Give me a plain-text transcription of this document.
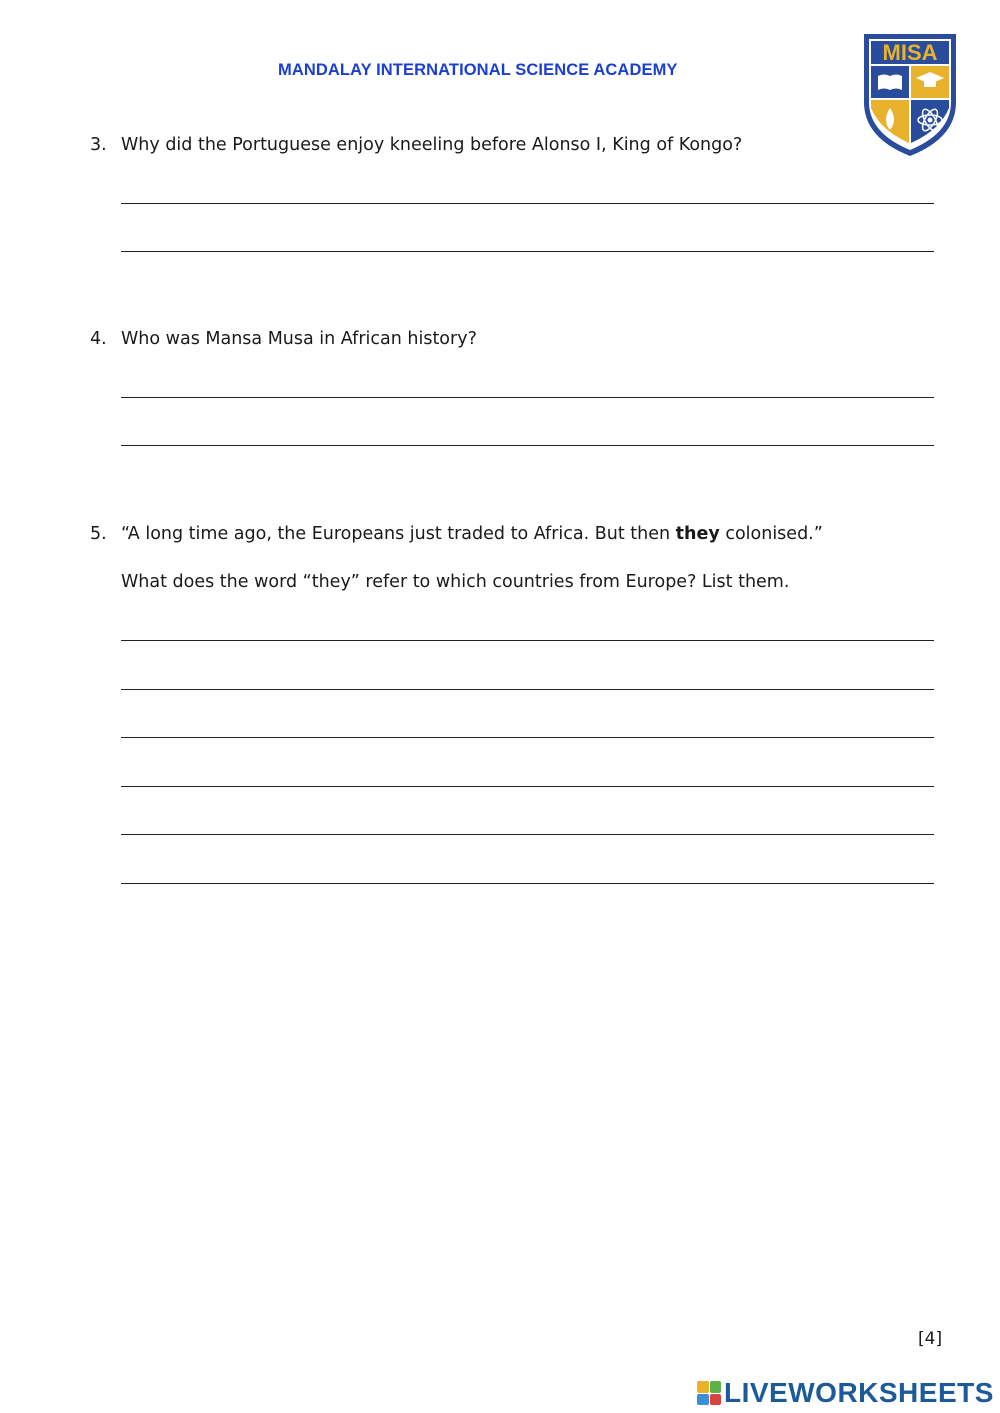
MANDALAY INTERNATIONAL SCIENCE ACADEMY
MISA
3. Why did the Portuguese enjoy kneeling before Alonso I, King of Kongo?
4. Who was Mansa Musa in African history?
5. “A long time ago, the Europeans just traded to Africa. But then they colonised.”
What does the word “they” refer to which countries from Europe? List them.
[4]
LIVEWORKSHEETS
